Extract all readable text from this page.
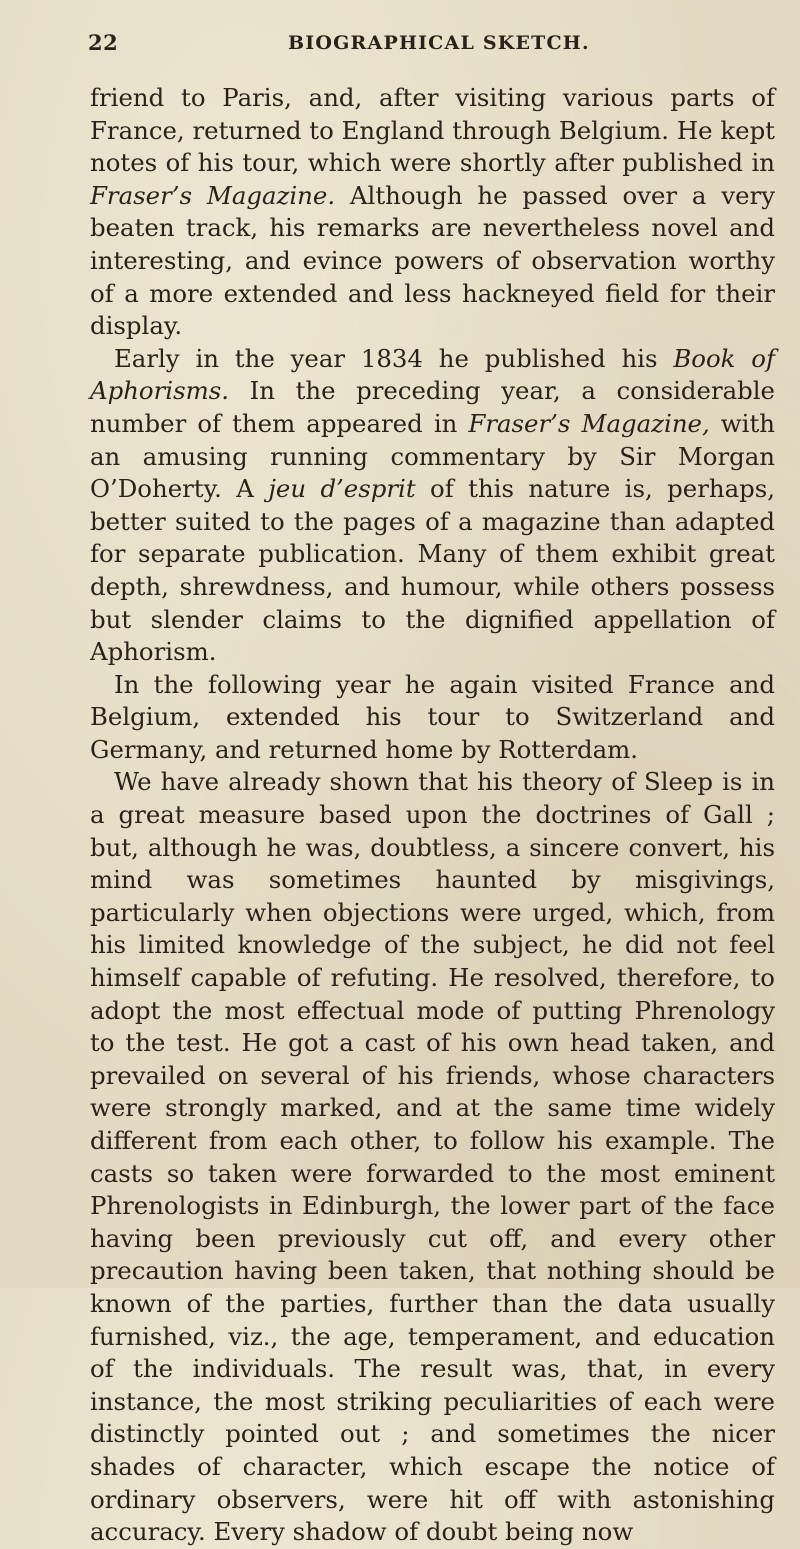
22	BIOGRAPHICAL SKETCH.

friend to Paris, and, after visiting various parts of France, returned to England through Belgium. He kept notes of his tour, which were shortly after published in Fraser’s Magazine. Although he passed over a very beaten track, his remarks are nevertheless novel and interesting, and evince powers of observation worthy of a more extended and less hackneyed field for their display.

Early in the year 1834 he published his Book of Aphorisms. In the preceding year, a considerable number of them appeared in Fraser’s Magazine, with an amusing running commentary by Sir Morgan O’Doherty. A jeu d’esprit of this nature is, perhaps, better suited to the pages of a magazine than adapted for separate publication. Many of them exhibit great depth, shrewdness, and humour, while others possess but slender claims to the dignified appellation of Aphorism.

In the following year he again visited France and Belgium, extended his tour to Switzerland and Germany, and returned home by Rotterdam.

We have already shown that his theory of Sleep is in a great measure based upon the doctrines of Gall ; but, although he was, doubtless, a sincere convert, his mind was sometimes haunted by misgivings, particularly when objections were urged, which, from his limited knowledge of the subject, he did not feel himself capable of refuting. He resolved, therefore, to adopt the most effectual mode of putting Phrenology to the test. He got a cast of his own head taken, and prevailed on several of his friends, whose characters were strongly marked, and at the same time widely different from each other, to follow his example. The casts so taken were forwarded to the most eminent Phrenologists in Edinburgh, the lower part of the face having been previously cut off, and every other precaution having been taken, that nothing should be known of the parties, further than the data usually furnished, viz., the age, temperament, and education of the individuals. The result was, that, in every instance, the most striking peculiarities of each were distinctly pointed out ; and sometimes the nicer shades of character, which escape the notice of ordinary observers, were hit off with astonishing accuracy. Every shadow of doubt being now
